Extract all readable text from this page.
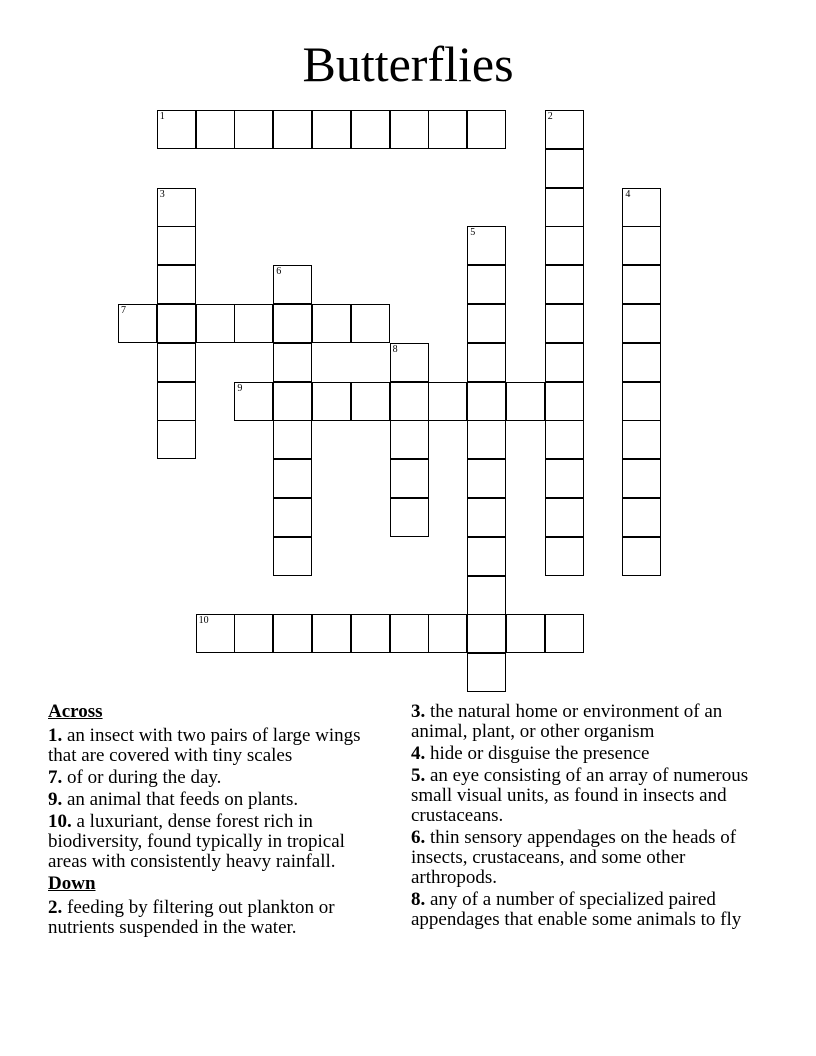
Butterflies
1	2
3	4
5
6
7
8
9
10
Across
1. an insect with two pairs of large wings that are covered with tiny scales
7. of or during the day.
9. an animal that feeds on plants.
10. a luxuriant, dense forest rich in biodiversity, found typically in tropical areas with consistently heavy rainfall.
Down
2. feeding by filtering out plankton or nutrients suspended in the water.
3. the natural home or environment of an animal, plant, or other organism
4. hide or disguise the presence
5. an eye consisting of an array of numerous small visual units, as found in insects and crustaceans.
6. thin sensory appendages on the heads of insects, crustaceans, and some other arthropods.
8. any of a number of specialized paired appendages that enable some animals to fly
